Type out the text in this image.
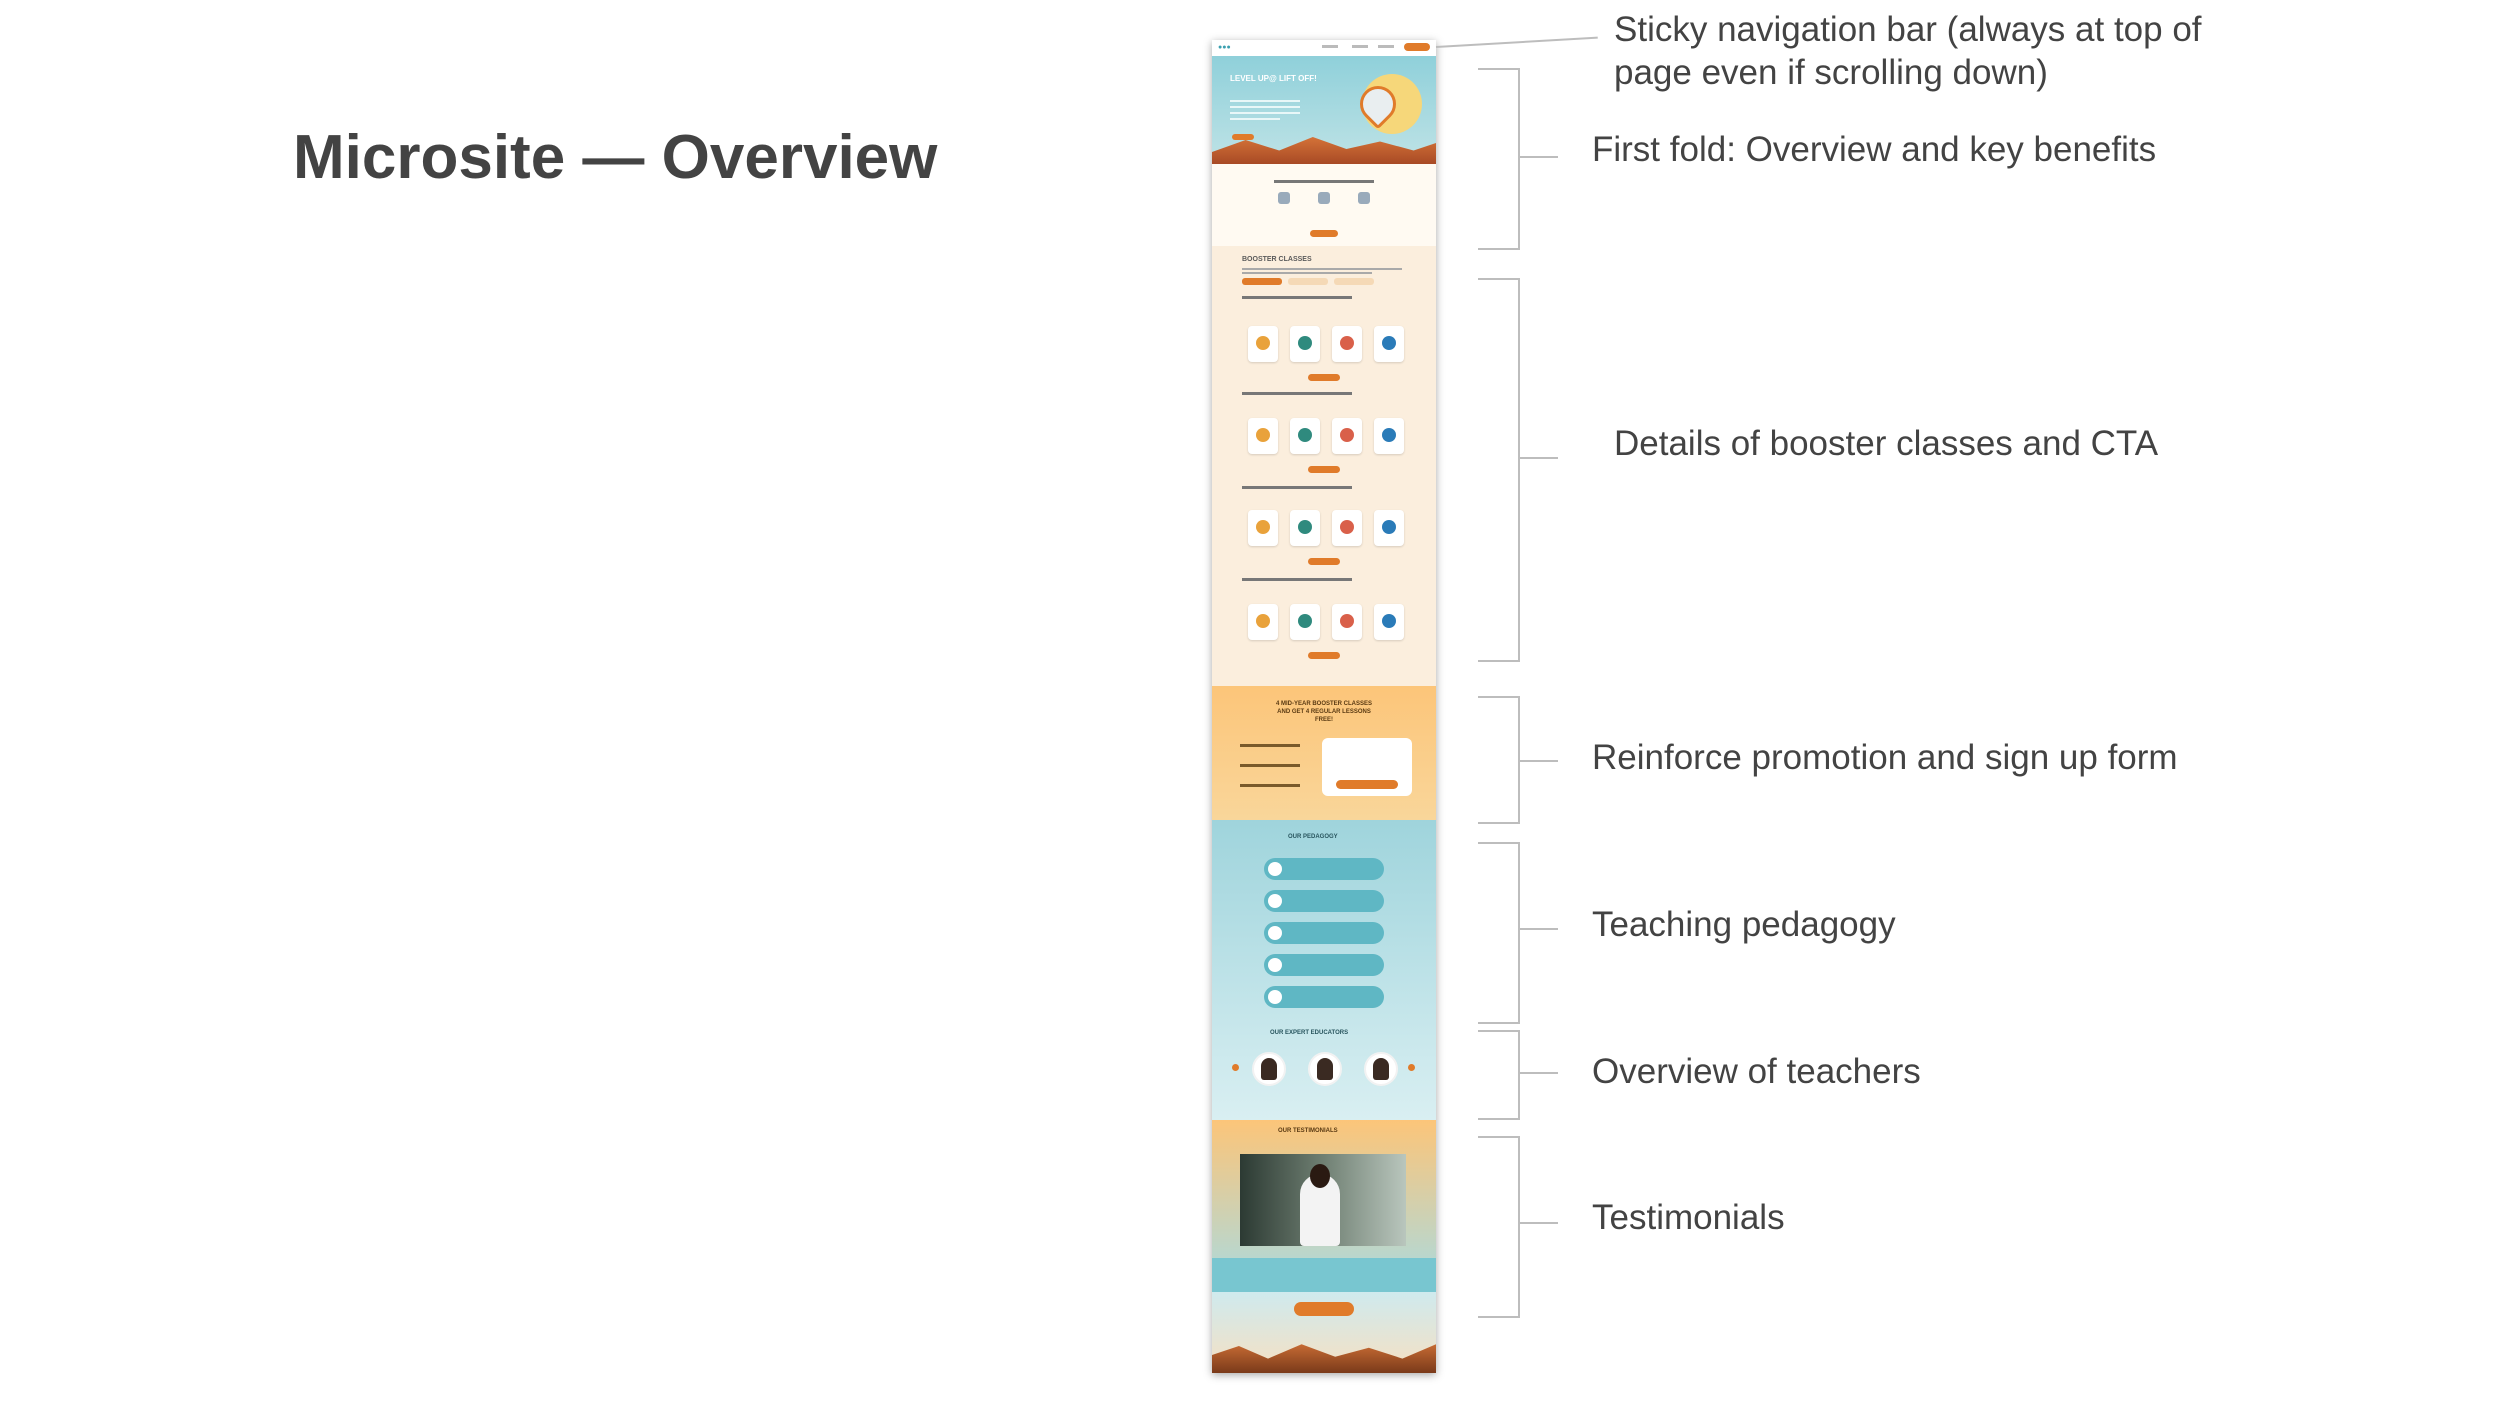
Microsite — Overview
●●●
LEVEL UP@ LIFT OFF!
BOOSTER CLASSES
4 MID-YEAR BOOSTER CLASSES AND GET 4 REGULAR LESSONS FREE!
OUR PEDAGOGY
OUR EXPERT EDUCATORS
OUR TESTIMONIALS
Sticky navigation bar (always at top of
page even if scrolling down)
First fold: Overview and key benefits
Details of booster classes and CTA
Reinforce promotion and sign up form
Teaching pedagogy
Overview of teachers
Testimonials
